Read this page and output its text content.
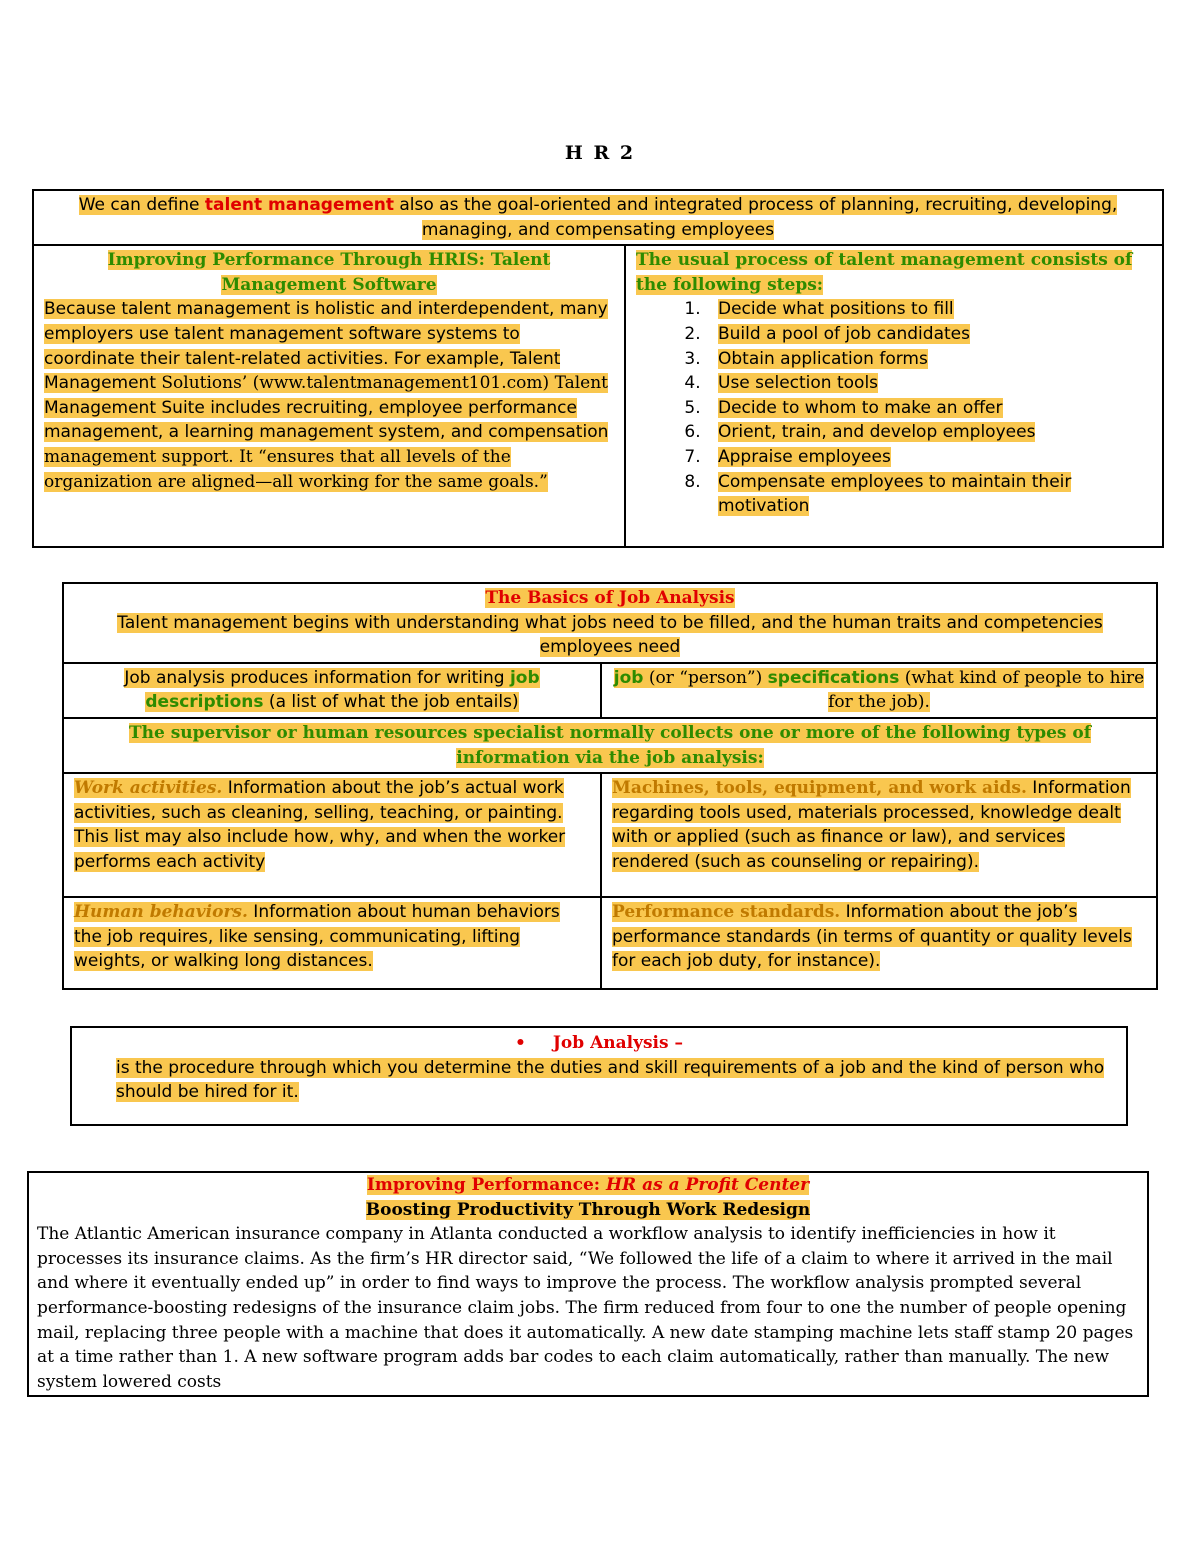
H R 2
We can define talent management also as the goal-oriented and integrated process of planning, recruiting, developing, managing, and compensating employees

Improving Performance Through HRIS: Talent Management Software
Because talent management is holistic and interdependent, many employers use talent management software systems to coordinate their talent-related activities. For example, Talent Management Solutions’ (www.talentmanagement101.com) Talent Management Suite includes recruiting, employee performance management, a learning management system, and compensation management support. It “ensures that all levels of the organization are aligned—all working for the same goals.”

The usual process of talent management consists of the following steps:
1. Decide what positions to fill
2. Build a pool of job candidates
3. Obtain application forms
4. Use selection tools
5. Decide to whom to make an offer
6. Orient, train, and develop employees
7. Appraise employees
8. Compensate employees to maintain their motivation
The Basics of Job Analysis
Talent management begins with understanding what jobs need to be filled, and the human traits and competencies employees need	

Job analysis produces information for writing job descriptions (a list of what the job entails)	job (or “person”) specifications (what kind of people to hire for the job).
The supervisor or human resources specialist normally collects one or more of the following types of information via the job analysis:	
Work activities. Information about the job’s actual work activities, such as cleaning, selling, teaching, or painting. This list may also include how, why, and when the worker performs each activity	Machines, tools, equipment, and work aids. Information regarding tools used, materials processed, knowledge dealt with or applied (such as finance or law), and services rendered (such as counseling or repairing).
Human behaviors. Information about human behaviors the job requires, like sensing, communicating, lifting weights, or walking long distances.	Performance standards. Information about the job’s performance standards (in terms of quantity or quality levels for each job duty, for instance).
• Job Analysis –
is the procedure through which you determine the duties and skill requirements of a job and the kind of person who should be hired for it.
Improving Performance: HR as a Profit Center
Boosting Productivity Through Work Redesign
The Atlantic American insurance company in Atlanta conducted a workflow analysis to identify inefficiencies in how it processes its insurance claims. As the firm’s HR director said, “We followed the life of a claim to where it arrived in the mail and where it eventually ended up” in order to find ways to improve the process. The workflow analysis prompted several performance-boosting redesigns of the insurance claim jobs. The firm reduced from four to one the number of people opening mail, replacing three people with a machine that does it automatically. A new date stamping machine lets staff stamp 20 pages at a time rather than 1. A new software program adds bar codes to each claim automatically, rather than manually. The new system lowered costs
